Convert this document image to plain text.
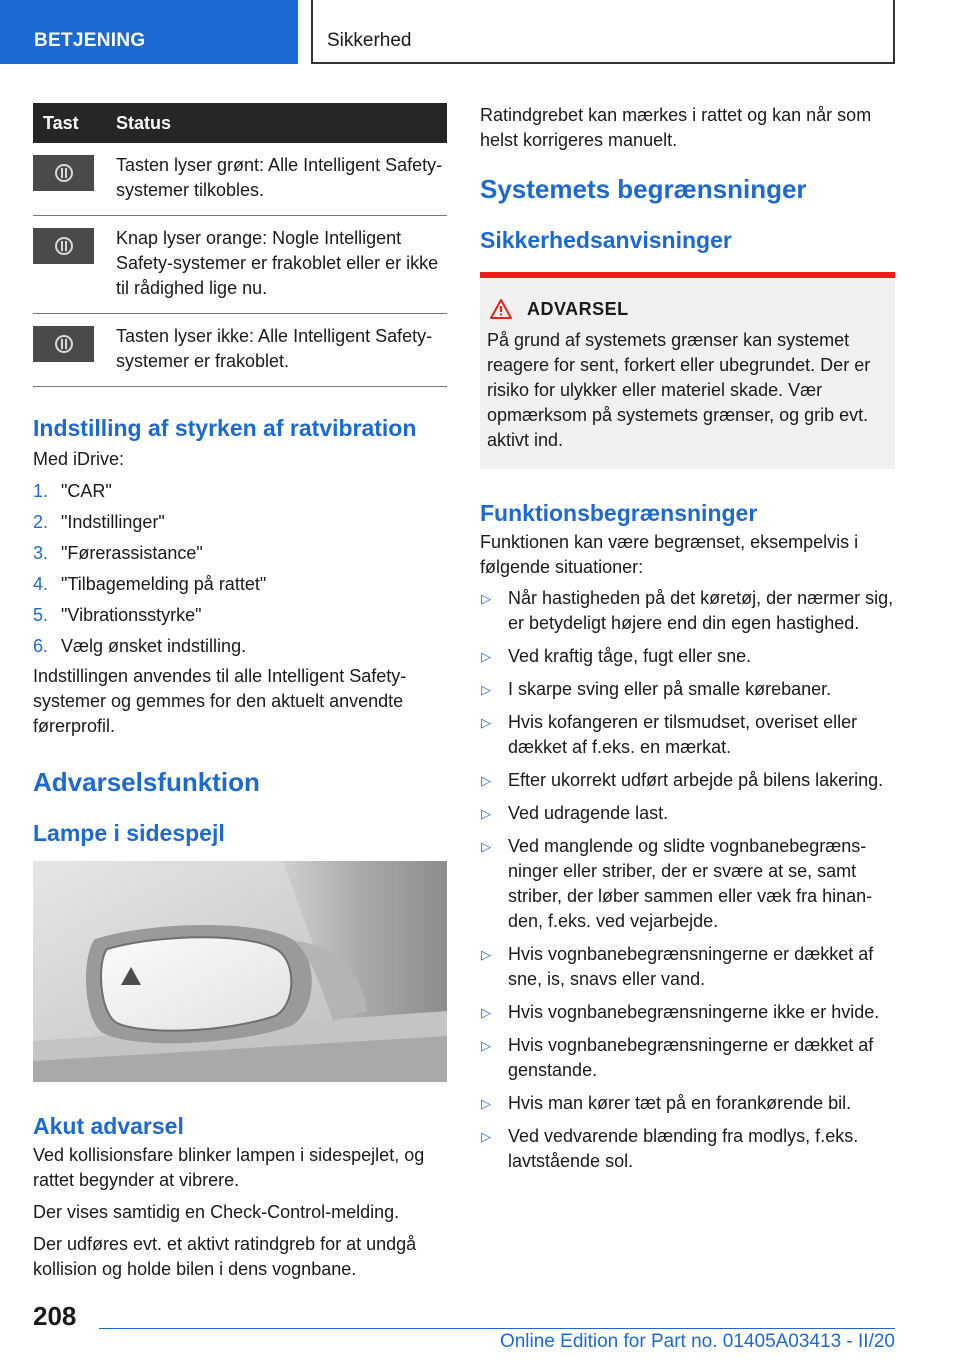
BETJENING	Sikkerhed
Tast	Status

	Tasten lyser grønt: Alle Intelligent Safety-systemer tilkobles.

	Knap lyser orange: Nogle Intelligent Safety-systemer er frakoblet eller er ikke til rådighed lige nu.

	Tasten lyser ikke: Alle Intelligent Safety-systemer er frakoblet.
Indstilling af styrken af ratvibration

Med iDrive:

1. "CAR"
2. "Indstillinger"
3. "Førerassistance"
4. "Tilbagemelding på rattet"
5. "Vibrationsstyrke"
6. Vælg ønsket indstilling.

Indstillingen anvendes til alle Intelligent Safety-systemer og gemmes for den aktuelt anvendte førerprofil.

Advarselsfunktion
Lampe i sidespejl
Akut advarsel

Ved kollisionsfare blinker lampen i sidespejlet, og rattet begynder at vibrere.

Der vises samtidig en Check-Control-melding.

Der udføres evt. et aktivt ratindgreb for at undgå kollision og holde bilen i dens vognbane.

Ratindgrebet kan mærkes i rattet og kan når som helst korrigeres manuelt.

Systemets begrænsninger
Sikkerhedsanvisninger
ADVARSEL

På grund af systemets grænser kan systemet reagere for sent, forkert eller ubegrundet. Der er risiko for ulykker eller materiel skade. Vær opmærksom på systemets grænser, og grib evt. aktivt ind.

Funktionsbegrænsninger

Funktionen kan være begrænset, eksempelvis i følgende situationer:

▷ Når hastigheden på det køretøj, der nærmer sig, er betydeligt højere end din egen hastighed.
▷ Ved kraftig tåge, fugt eller sne.
▷ I skarpe sving eller på smalle kørebaner.
▷ Hvis kofangeren er tilsmudset, overiset eller dækket af f.eks. en mærkat.
▷ Efter ukorrekt udført arbejde på bilens lakering.
▷ Ved udragende last.
▷ Ved manglende og slidte vognbanebegrænsninger eller striber, der er svære at se, samt striber, der løber sammen eller væk fra hinanden, f.eks. ved vejarbejde.
▷ Hvis vognbanebegrænsningerne er dækket af sne, is, snavs eller vand.
▷ Hvis vognbanebegrænsningerne ikke er hvide.
▷ Hvis vognbanebegrænsningerne er dækket af genstande.
▷ Hvis man kører tæt på en forankørende bil.
▷ Ved vedvarende blænding fra modlys, f.eks. lavtstående sol.
208
Online Edition for Part no. 01405A03413 - II/20
